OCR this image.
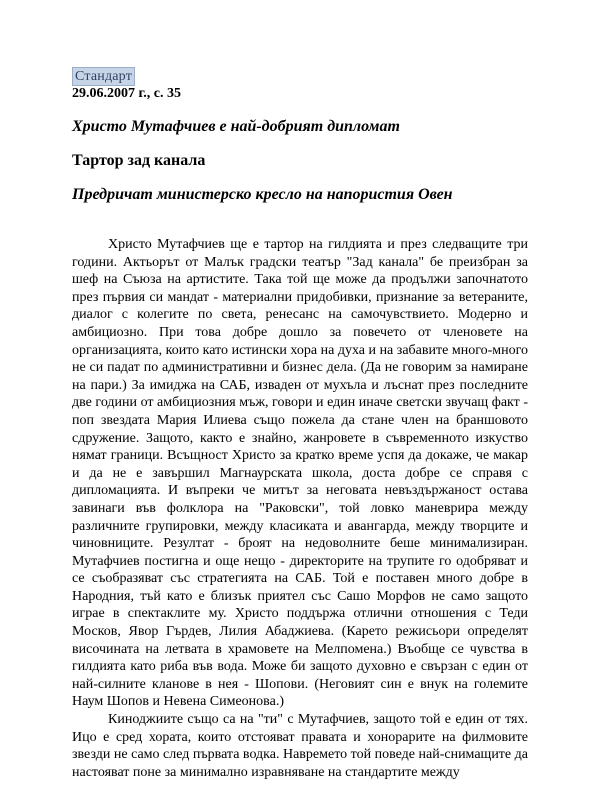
Стандарт
29.06.2007 г., с. 35
Христо Мутафчиев е най-добрият дипломат
Тартор зад канала
Предричат министерско кресло на напористия Овен

Христо Мутафчиев ще е тартор на гилдията и през следващите три години. Актьорът от Малък градски театър "Зад канала" бе преизбран за шеф на Съюза на артистите. Така той ще може да продължи започнатото през първия си мандат - материални придобивки, признание за ветераните, диалог с колегите по света, ренесанс на самочувствието. Модерно и амбициозно. При това добре дошло за повечето от членовете на организацията, които като истински хора на духа и на забавите много-много не си падат по административни и бизнес дела. (Да не говорим за намиране на пари.) За имиджа на САБ, изваден от мухъла и лъснат през последните две години от амбициозния мъж, говори и един иначе светски звучащ факт - поп звездата Мария Илиева също пожела да стане член на браншовото сдружение. Защото, както е знайно, жанровете в съвременното изкуство нямат граници. Всъщност Христо за кратко време успя да докаже, че макар и да не е завършил Магнаурската школа, доста добре се справя с дипломацията. И въпреки че митът за неговата невъздържаност остава завинаги във фолклора на "Раковски", той ловко маневрира между различните групировки, между класиката и авангарда, между творците и чиновниците. Резултат - броят на недоволните беше минимализиран. Мутафчиев постигна и още нещо - директорите на трупите го одобряват и се съобразяват със стратегията на САБ. Той е поставен много добре в Народния, тъй като е близък приятел със Сашо Морфов не само защото играе в спектаклите му. Христо поддържа отлични отношения с Теди Москов, Явор Гърдев, Лилия Абаджиева. (Карето режисьори определят височината на летвата в храмовете на Мелпомена.) Въобще се чувства в гилдията като риба във вода. Може би защото духовно е свързан с един от най-силните кланове в нея - Шопови. (Неговият син е внук на големите Наум Шопов и Невена Симеонова.)

Киноджиите също са на "ти" с Мутафчиев, защото той е един от тях. Ицо е сред хората, които отстояват правата и хонорарите на филмовите звезди не само след първата водка. Навремето той поведе най-снимащите да настояват поне за минимално изравняване на стандартите между
